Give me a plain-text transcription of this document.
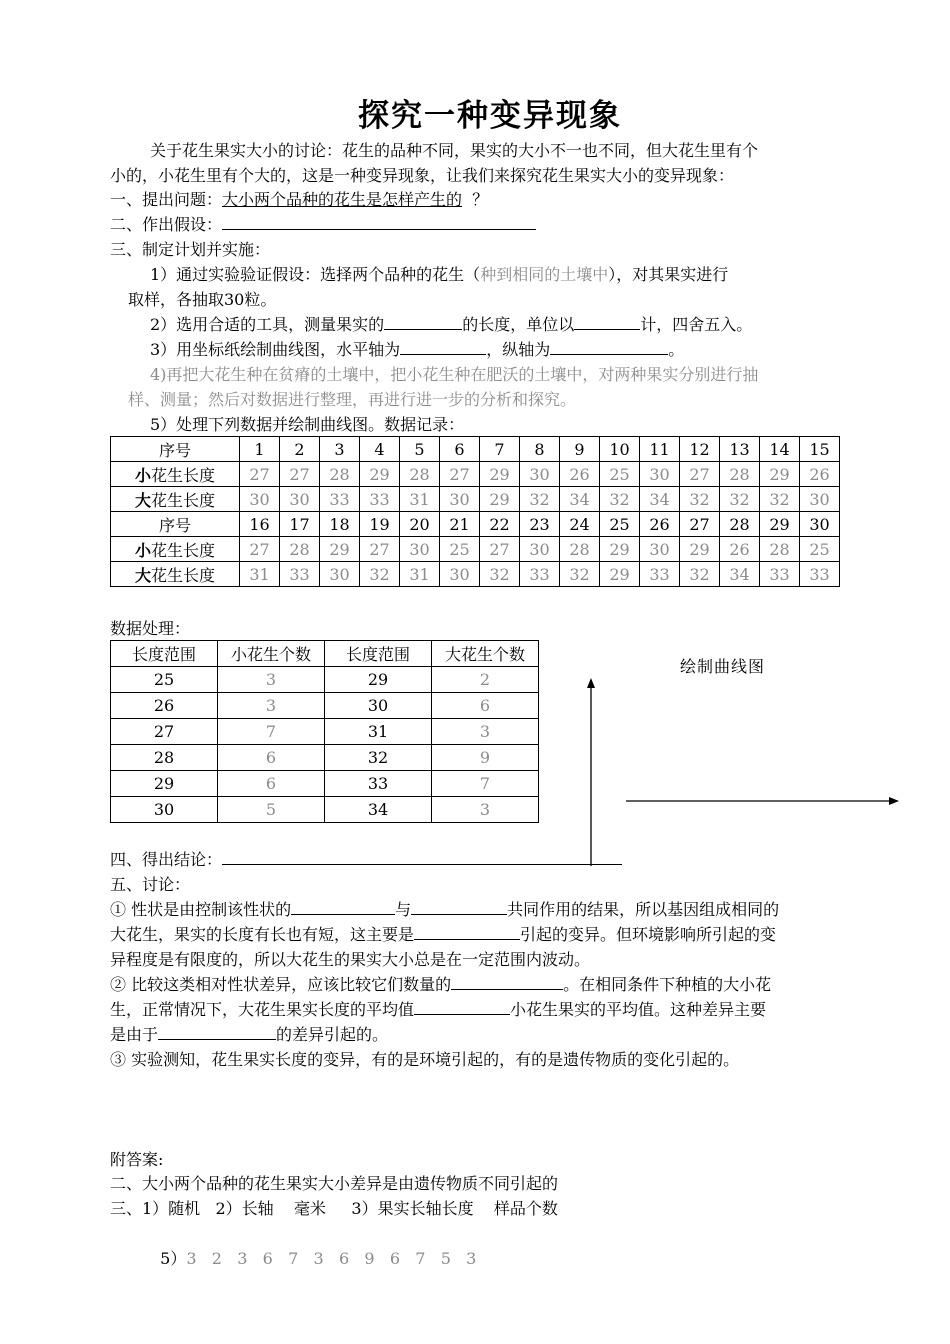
探究一种变异现象
关于花生果实大小的讨论：花生的品种不同，果实的大小不一也不同，但大花生里有个
小的，小花生里有个大的，这是一种变异现象，让我们来探究花生果实大小的变异现象：
一、提出问题：大小两个品种的花生是怎样产生的 ？
二、作出假设：
三、制定计划并实施：
1）通过实验验证假设：选择两个品种的花生（种到相同的土壤中），对其果实进行
取样，各抽取30粒。
2）选用合适的工具，测量果实的	的长度，单位以	计，四舍五入。
3）用坐标纸绘制曲线图，水平轴为	，纵轴为	。
4)再把大花生种在贫瘠的土壤中，把小花生种在肥沃的土壤中，对两种果实分别进行抽
样、测量；然后对数据进行整理，再进行进一步的分析和探究。
5）处理下列数据并绘制曲线图。数据记录：
序号	1	2	3	4	5	6	7	8	9	10	11	12	13	14	15
小花生长度	27	27	28	29	28	27	29	30	26	25	30	27	28	29	26
大花生长度	30	30	33	33	31	30	29	32	34	32	34	32	32	32	30
序号	16	17	18	19	20	21	22	23	24	25	26	27	28	29	30
小花生长度	27	28	29	27	30	25	27	30	28	29	30	29	26	28	25
大花生长度	31	33	30	32	31	30	32	33	32	29	33	32	34	33	33
数据处理：
长度范围	小花生个数	长度范围	大花生个数
25	3	29	2
26	3	30	6
27	7	31	3
28	6	32	9
29	6	33	7
30	5	34	3
绘制曲线图
四、得出结论：
五、讨论：
① 性状是由控制该性状的	与	共同作用的结果，所以基因组成相同的
大花生，果实的长度有长也有短，这主要是	引起的变异。但环境影响所引起的变
异程度是有限度的，所以大花生的果实大小总是在一定范围内波动。
② 比较这类相对性状差异，应该比较它们数量的	。在相同条件下种植的大小花
生，正常情况下，大花生果实长度的平均值	小花生果实的平均值。这种差异主要
是由于	的差异引起的。
③ 实验测知，花生果实长度的变异，有的是环境引起的，有的是遗传物质的变化引起的。
附答案:
二、大小两个品种的花生果实大小差异是由遗传物质不同引起的
三、1）随机   2）长轴    毫米     3）果实长轴长度    样品个数

5）3   2   3   6   7   3   6   9   6   7   5   3
